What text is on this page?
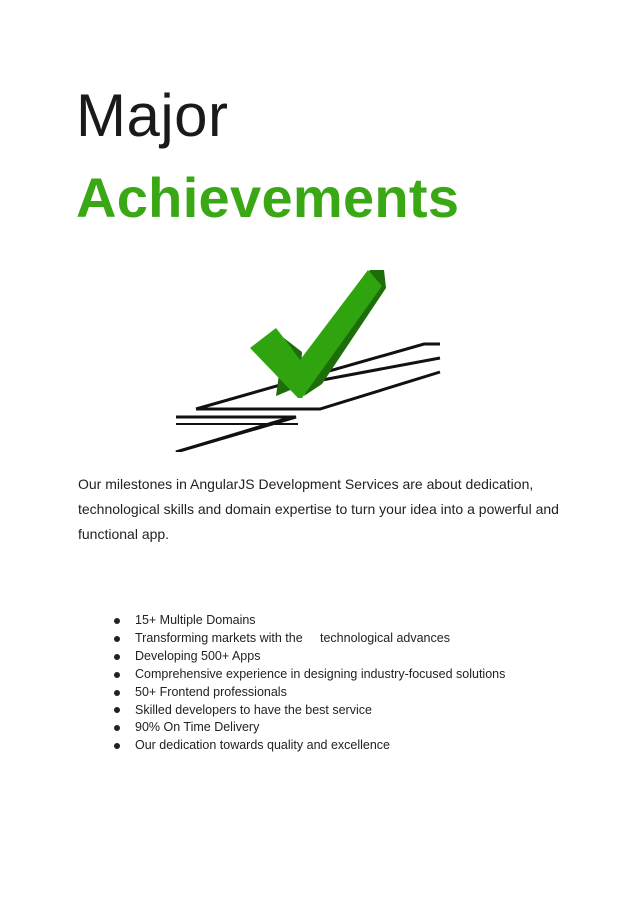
Major
Achievements
Our milestones in AngularJS Development Services are about dedication, technological skills and domain expertise to turn your idea into a powerful and functional app.
15+ Multiple Domains
Transforming markets with the     technological advances
Developing 500+ Apps
Comprehensive experience in designing industry-focused solutions
50+ Frontend professionals
Skilled developers to have the best service
90% On Time Delivery
Our dedication towards quality and excellence
